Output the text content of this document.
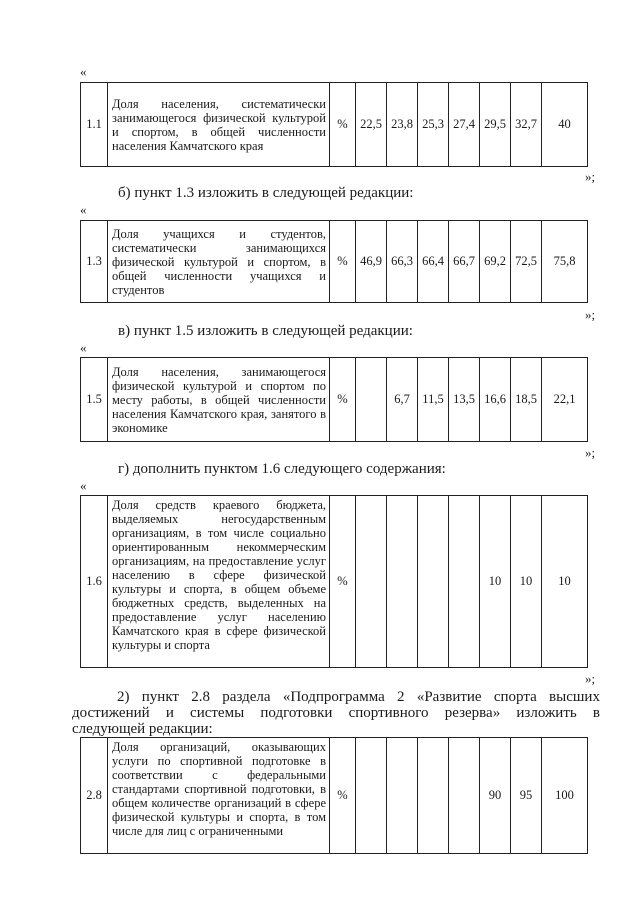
«
1.1	Доля населения, систематически занимающегося физической культурой и спортом, в общей численности населения Камчатского края	%	22,5	23,8	25,3	27,4	29,5	32,7	40
»;
б) пункт 1.3 изложить в следующей редакции:
«
1.3	Доля учащихся и студентов, систематически занимающихся физической культурой и спортом, в общей численности учащихся и студентов	%	46,9	66,3	66,4	66,7	69,2	72,5	75,8
»;
в) пункт 1.5 изложить в следующей редакции:
«
1.5	Доля населения, занимающегося физической культурой и спортом по месту работы, в общей численности населения Камчатского края, занятого в экономике	%		6,7	11,5	13,5	16,6	18,5	22,1
»;
г) дополнить пунктом 1.6 следующего содержания:
«
1.6	Доля средств краевого бюджета, выделяемых негосударственным организациям, в том числе социально ориентированным некоммерческим организациям, на предоставление услуг населению в сфере физической культуры и спорта, в общем объеме бюджетных средств, выделенных на предоставление услуг населению Камчатского края в сфере физической культуры и спорта	%					10	10	10
»;
2) пункт 2.8 раздела «Подпрограмма 2 «Развитие спорта высших
достижений и системы подготовки спортивного резерва» изложить в
следующей редакции:
2.8	Доля организаций, оказывающих услуги по спортивной подготовке в соответствии с федеральными стандартами спортивной подготовки, в общем количестве организаций в сфере физической культуры и спорта, в том числе для лиц с ограниченными	%					90	95	100
